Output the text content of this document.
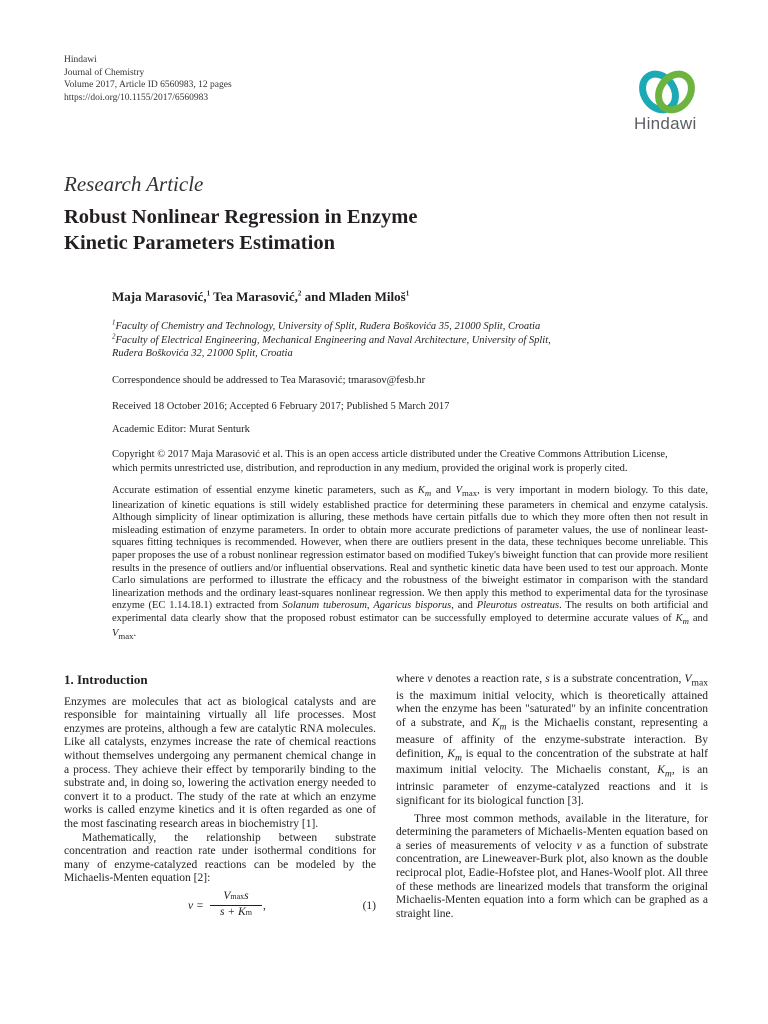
Hindawi
Journal of Chemistry
Volume 2017, Article ID 6560983, 12 pages
https://doi.org/10.1155/2017/6560983
Hindawi
Research Article
Robust Nonlinear Regression in Enzyme
Kinetic Parameters Estimation
Maja Marasović,$^1$ Tea Marasović,$^2$ and Mladen Miloš$^1$
$^1$Faculty of Chemistry and Technology, University of Split, Ruđera Boškovića 35, 21000 Split, Croatia
$^2$Faculty of Electrical Engineering, Mechanical Engineering and Naval Architecture, University of Split,
Ruđera Boškovića 32, 21000 Split, Croatia
Correspondence should be addressed to Tea Marasović; tmarasov@fesb.hr
Received 18 October 2016; Accepted 6 February 2017; Published 5 March 2017
Academic Editor: Murat Senturk
Copyright © 2017 Maja Marasović et al. This is an open access article distributed under the Creative Commons Attribution License,
which permits unrestricted use, distribution, and reproduction in any medium, provided the original work is properly cited.
Accurate estimation of essential enzyme kinetic parameters, such as $K_m$ and $V_{max}$, is very important in modern biology. To this date, linearization of kinetic equations is still widely established practice for determining these parameters in chemical and enzyme catalysis. Although simplicity of linear optimization is alluring, these methods have certain pitfalls due to which they more often then not result in misleading estimation of enzyme parameters. In order to obtain more accurate predictions of parameter values, the use of nonlinear least-squares fitting techniques is recommended. However, when there are outliers present in the data, these techniques become unreliable. This paper proposes the use of a robust nonlinear regression estimator based on modified Tukey's biweight function that can provide more resilient results in the presence of outliers and/or influential observations. Real and synthetic kinetic data have been used to test our approach. Monte Carlo simulations are performed to illustrate the efficacy and the robustness of the biweight estimator in comparison with the standard linearization methods and the ordinary least-squares nonlinear regression. We then apply this method to experimental data for the tyrosinase enzyme (EC 1.14.18.1) extracted from Solanum tuberosum, Agaricus bisporus, and Pleurotus ostreatus. The results on both artificial and experimental data clearly show that the proposed robust estimator can be successfully employed to determine accurate values of $K_m$ and $V_{max}$.
1. Introduction

Enzymes are molecules that act as biological catalysts and are responsible for maintaining virtually all life processes. Most enzymes are proteins, although a few are catalytic RNA molecules. Like all catalysts, enzymes increase the rate of chemical reactions without themselves undergoing any permanent chemical change in a process. They achieve their effect by temporarily binding to the substrate and, in doing so, lowering the activation energy needed to convert it to a product. The study of the rate at which an enzyme works is called enzyme kinetics and it is often regarded as one of the most fascinating research areas in biochemistry [1].

Mathematically, the relationship between substrate concentration and reaction rate under isothermal conditions for many of enzyme-catalyzed reactions can be modeled by the Michaelis-Menten equation [2]:

v =
Vmaxs
s + Km
,	(1)

where v denotes a reaction rate, s is a substrate concentration, $V_{max}$ is the maximum initial velocity, which is theoretically attained when the enzyme has been "saturated" by an infinite concentration of a substrate, and $K_m$ is the Michaelis constant, representing a measure of affinity of the enzyme-substrate interaction. By definition, $K_m$ is equal to the concentration of the substrate at half maximum initial velocity. The Michaelis constant, $K_m$, is an intrinsic parameter of enzyme-catalyzed reactions and it is significant for its biological function [3].

Three most common methods, available in the literature, for determining the parameters of Michaelis-Menten equation based on a series of measurements of velocity v as a function of substrate concentration, are Lineweaver-Burk plot, also known as the double reciprocal plot, Eadie-Hofstee plot, and Hanes-Woolf plot. All three of these methods are linearized models that transform the original Michaelis-Menten equation into a form which can be graphed as a straight line.
